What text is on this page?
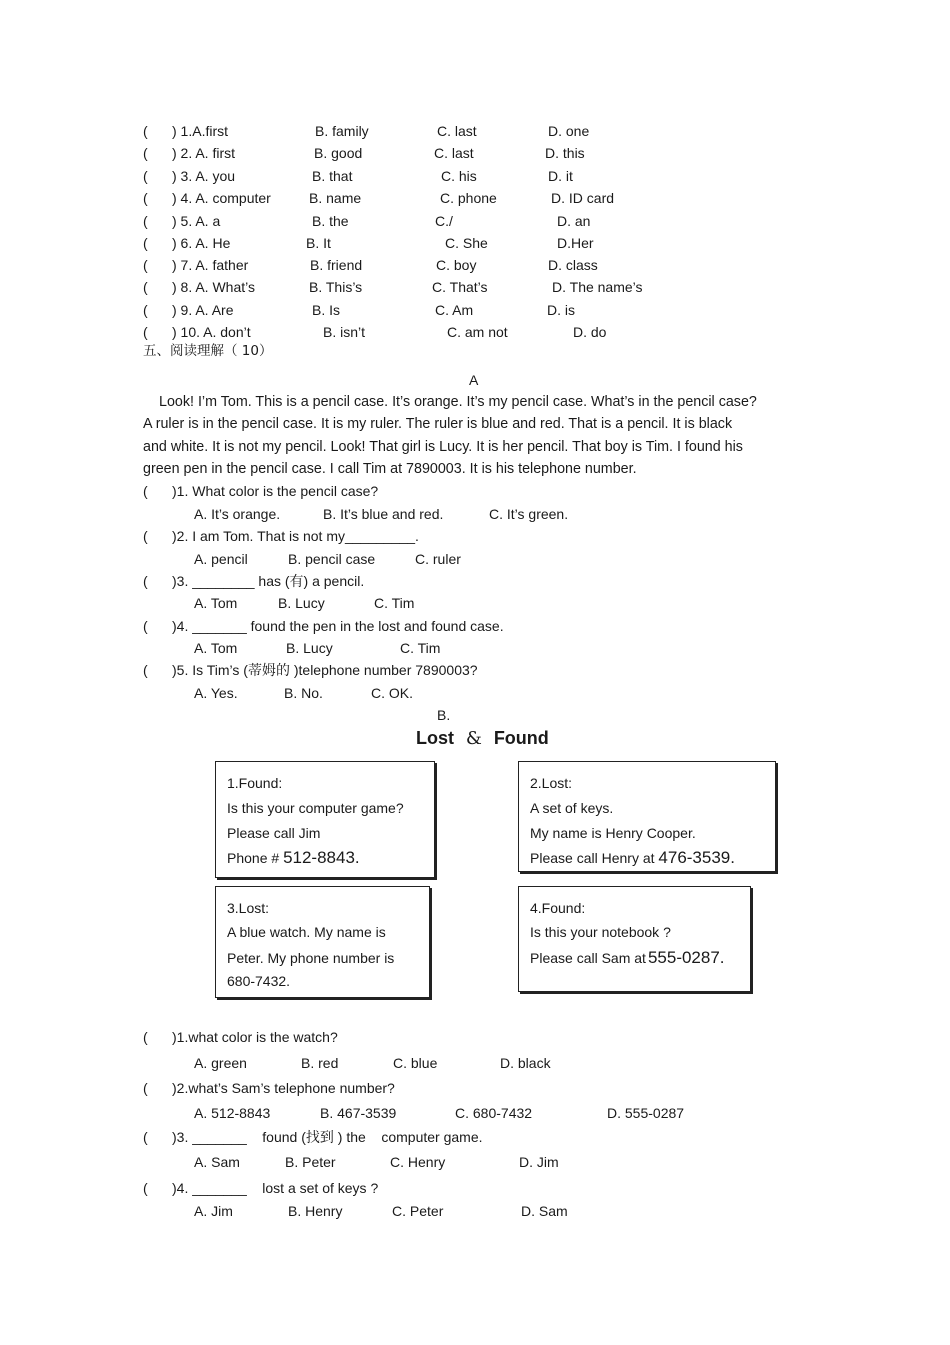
( ) 1.A.first	B. family	C. last	D. one
( ) 2. A. first	B. good	C. last	D. this
( ) 3. A. you	B. that	C. his	D. it
( ) 4. A. computer	B. name	C. phone	D. ID card
( ) 5. A. a	B. the	C./	D. an
( ) 6. A. He	B. It	C. She	D.Her
( ) 7. A. father	B. friend	C. boy	D. class
( ) 8. A. What’s	B. This’s	C. That’s	D. The name’s
( ) 9. A. Are	B. Is	C. Am	D. is
( ) 10. A. don’t	B. isn’t	C. am not	D. do
五、阅读理解（ 10）
A
Look! I’m Tom. This is a pencil case. It’s orange. It’s my pencil case. What’s in the pencil case?
A ruler is in the pencil case. It is my ruler. The ruler is blue and red. That is a pencil. It is black
and white. It is not my pencil. Look! That girl is Lucy. It is her pencil. That boy is Tim. I found his
green pen in the pencil case. I call Tim at 7890003. It is his telephone number.
( )1. What color is the pencil case?
A. It’s orange.	B. It’s blue and red.	C. It’s green.
( )2. I am Tom. That is not my_________.
A. pencil	B. pencil case	C. ruler
( )3. ________ has (有) a pencil.
A. Tom	B. Lucy	C. Tim
( )4. _______ found the pen in the lost and found case.
A. Tom	B. Lucy	C. Tim
( )5. Is Tim’s (蒂姆的 )telephone number 7890003?
A. Yes.	B. No.	C. OK.
B.
Lost & Found
1.Found:
Is this your computer game?
Please call Jim
Phone # 512-8843.
2.Lost:
A set of keys.
My name is Henry Cooper.
Please call Henry at 476-3539.
3.Lost:
A blue watch. My name is
Peter. My phone number is
680-7432.
4.Found:
Is this your notebook ?
Please call Sam at 555-0287.
( )1.what color is the watch?
A. green	B. red	C. blue	D. black
( )2.what’s Sam’s telephone number?
A. 512-8843	B. 467-3539	C. 680-7432	D. 555-0287
( )3. _______    found (找到 ) the    computer game.
A. Sam	B. Peter	C. Henry	D. Jim
( )4. _______    lost a set of keys ?
A. Jim	B. Henry	C. Peter	D. Sam
